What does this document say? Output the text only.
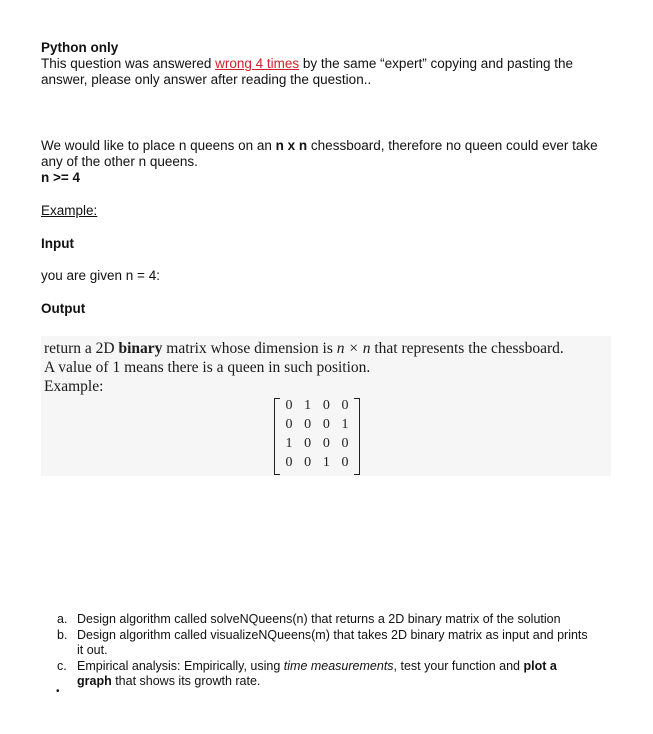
Python only
This question was answered wrong 4 times by the same “expert” copying and pasting the
answer, please only answer after reading the question..
We would like to place n queens on an n x n chessboard, therefore no queen could ever take
any of the other n queens.
n >= 4
Example:
Input
you are given n = 4:
Output
return a 2D binary matrix whose dimension is n × n that represents the chessboard.
A value of 1 means there is a queen in such position.
Example:
0 1 0 0
0 0 0 1
1 0 0 0
0 0 1 0
a. Design algorithm called solveNQueens(n) that returns a 2D binary matrix of the solution
b. Design algorithm called visualizeNQueens(m) that takes 2D binary matrix as input and prints
it out.
c. Empirical analysis: Empirically, using time measurements, test your function and plot a
graph that shows its growth rate.
•
